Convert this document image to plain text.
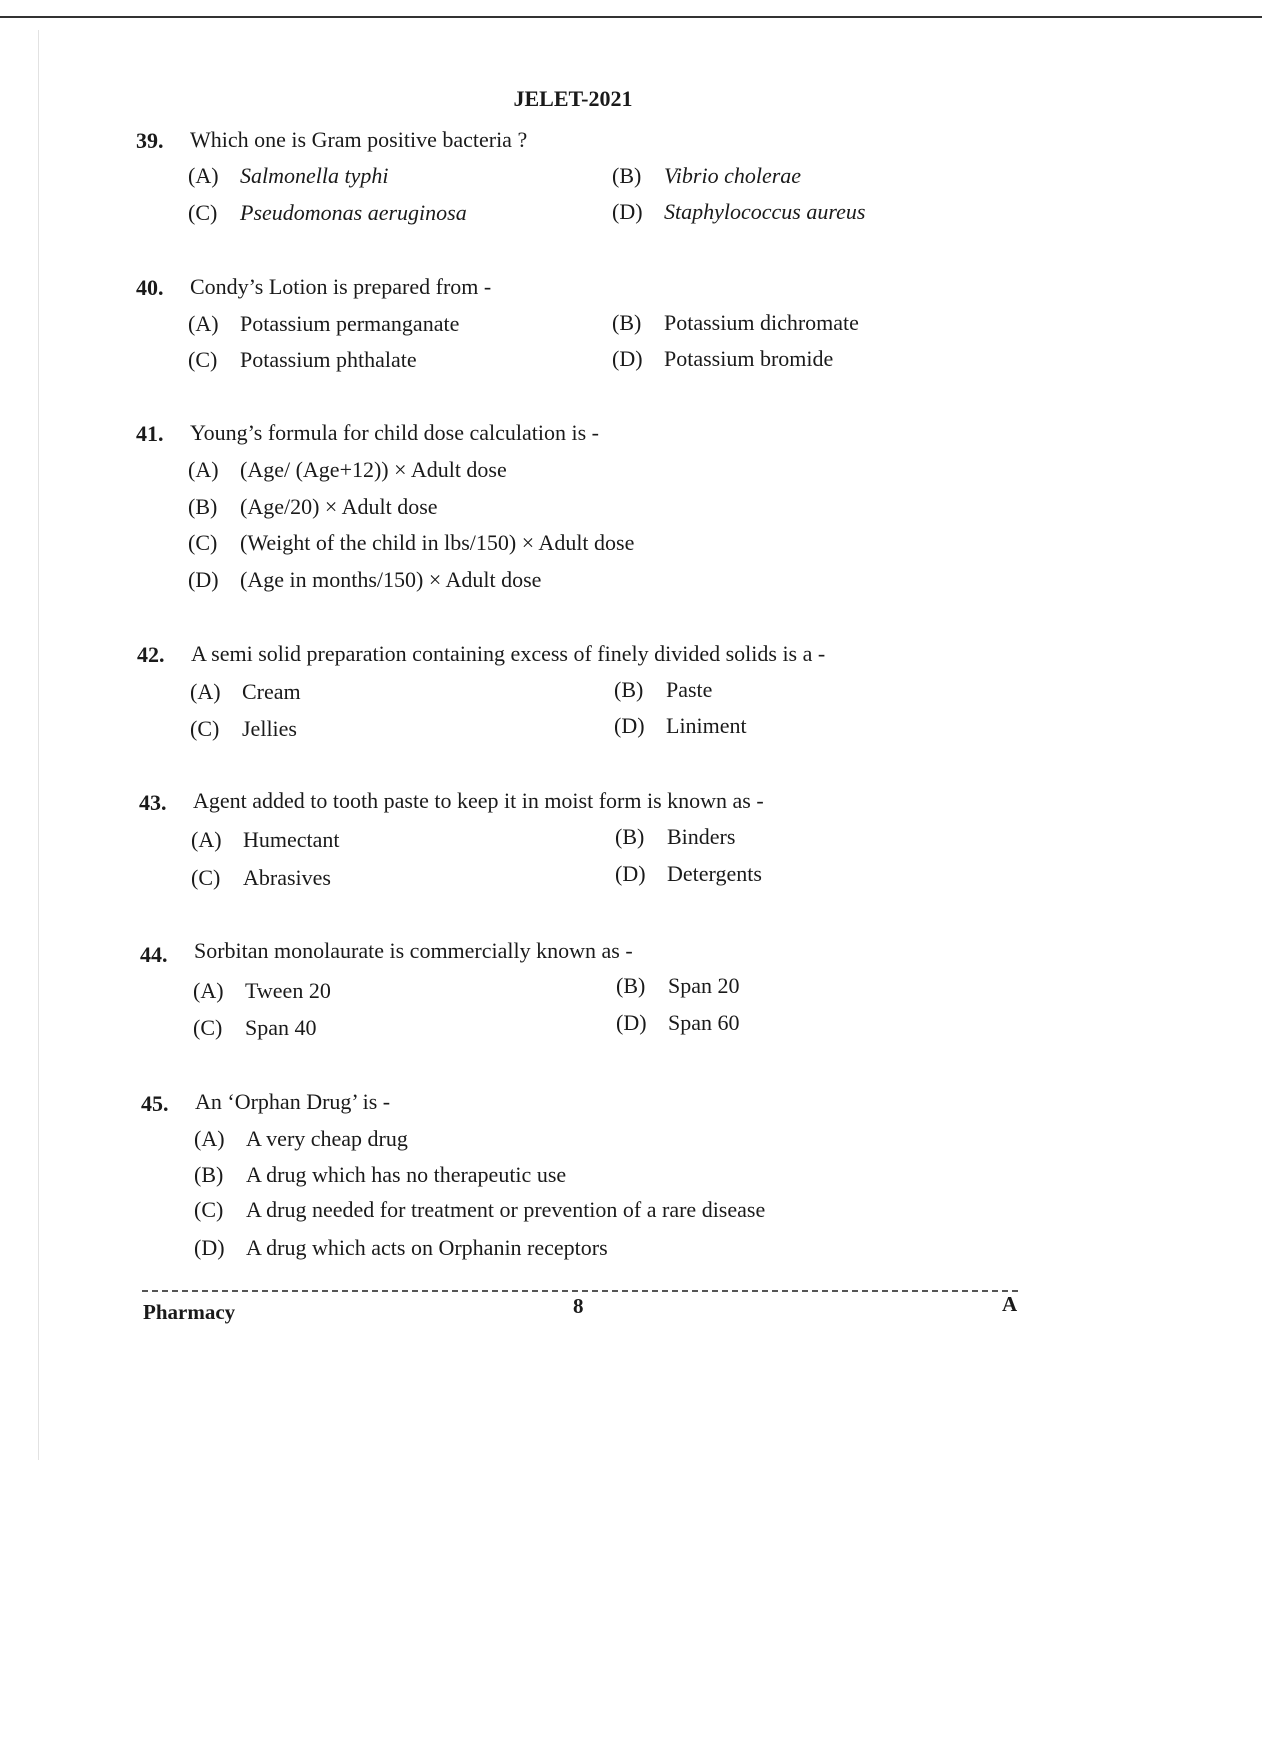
JELET-2021
39. Which one is Gram positive bacteria ?
(A) Salmonella typhi	(B) Vibrio cholerae
(C) Pseudomonas aeruginosa	(D) Staphylococcus aureus
40. Condy’s Lotion is prepared from -
(A) Potassium permanganate	(B) Potassium dichromate
(C) Potassium phthalate	(D) Potassium bromide
41. Young’s formula for child dose calculation is -
(A) (Age/ (Age+12)) × Adult dose
(B) (Age/20) × Adult dose
(C) (Weight of the child in lbs/150) × Adult dose
(D) (Age in months/150) × Adult dose
42. A semi solid preparation containing excess of finely divided solids is a -
(A) Cream	(B) Paste
(C) Jellies	(D) Liniment
43. Agent added to tooth paste to keep it in moist form is known as -
(A) Humectant	(B) Binders
(C) Abrasives	(D) Detergents
44. Sorbitan monolaurate is commercially known as -
(A) Tween 20	(B) Span 20
(C) Span 40	(D) Span 60
45. An ‘Orphan Drug’ is -
(A) A very cheap drug
(B) A drug which has no therapeutic use
(C) A drug needed for treatment or prevention of a rare disease
(D) A drug which acts on Orphanin receptors
Pharmacy	8	A
